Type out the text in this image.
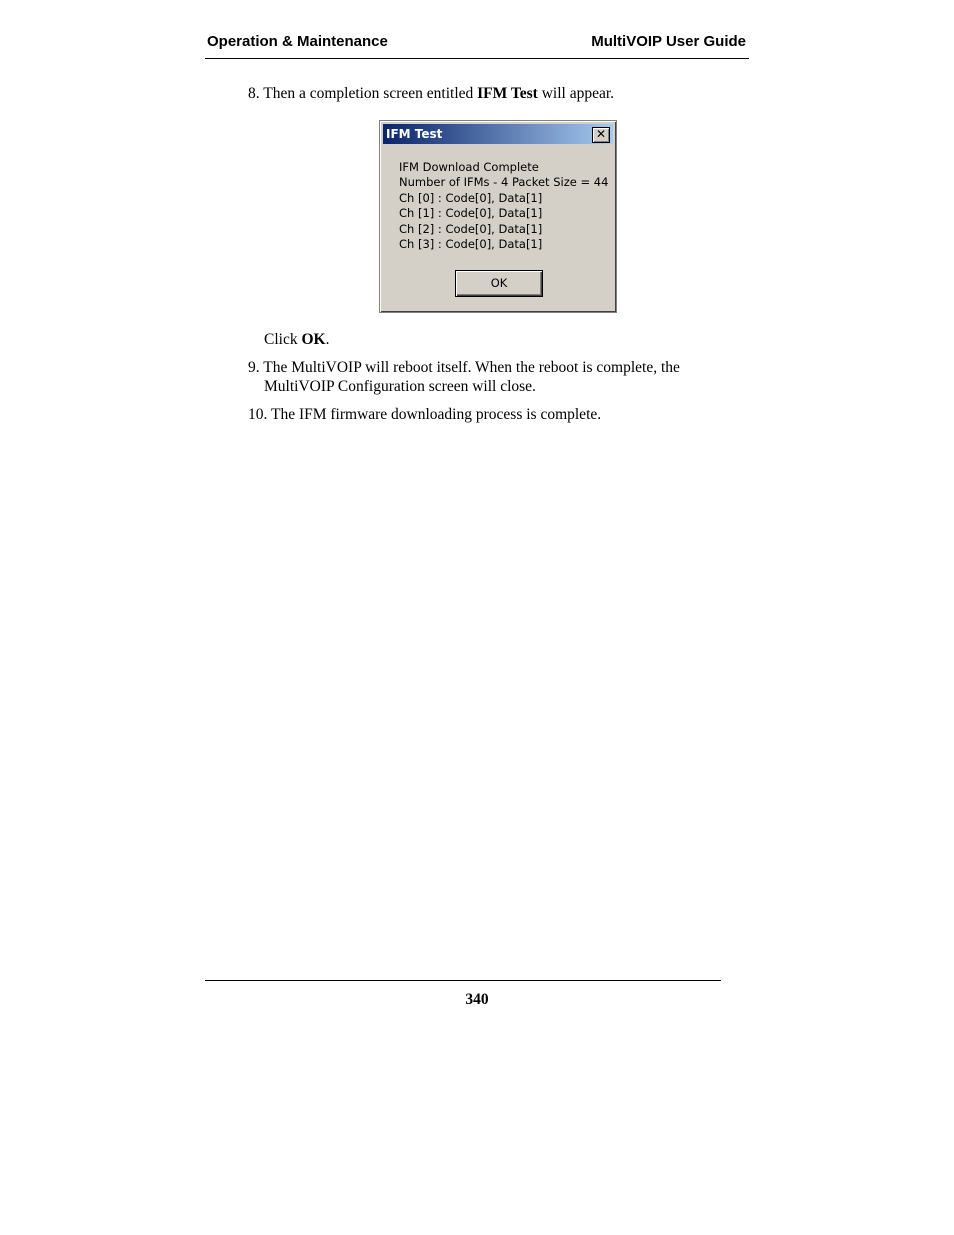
Operation & Maintenance	MultiVOIP User Guide
8. Then a completion screen entitled IFM Test will appear.
IFM Test	✕
IFM Download Complete
Number of IFMs - 4 Packet Size = 44
Ch [0] : Code[0], Data[1]
Ch [1] : Code[0], Data[1]
Ch [2] : Code[0], Data[1]
Ch [3] : Code[0], Data[1]
OK
Click OK.
9. The MultiVOIP will reboot itself. When the reboot is complete, the
MultiVOIP Configuration screen will close.
10. The IFM firmware downloading process is complete.
340
